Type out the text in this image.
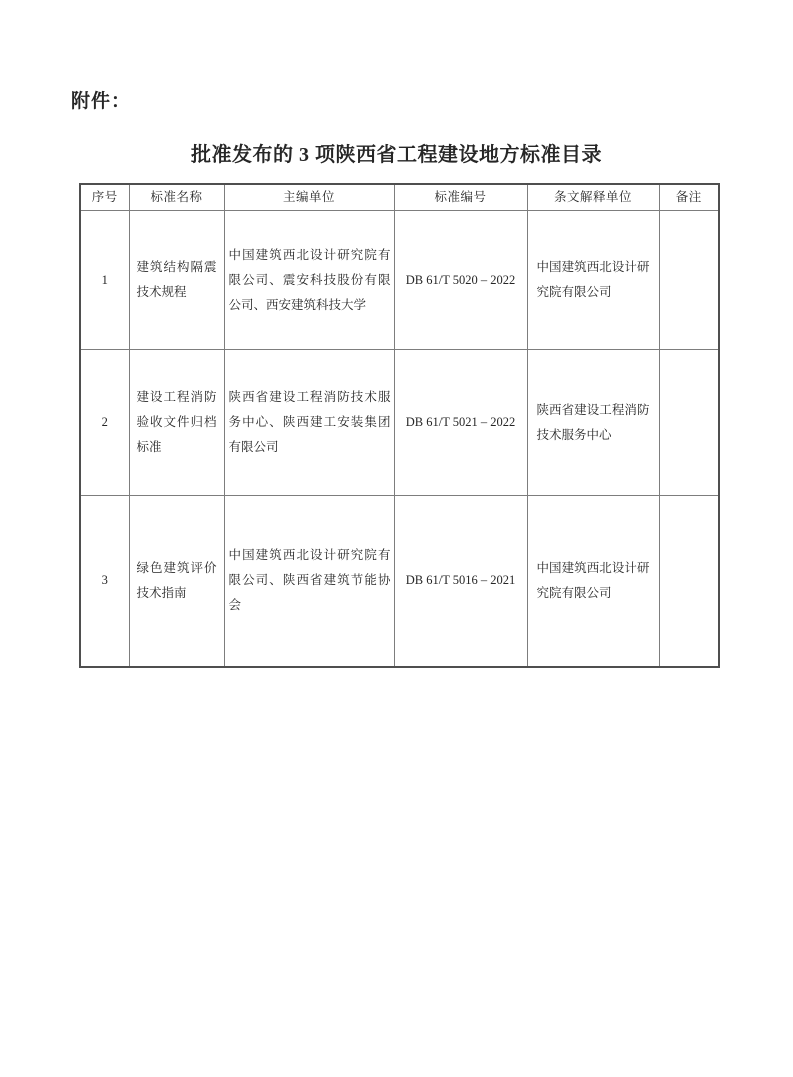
附件：
批准发布的 3 项陕西省工程建设地方标准目录
序号	标准名称	主编单位	标准编号	条文解释单位	备注
1	建筑结构隔震技术规程	中国建筑西北设计研究院有限公司、震安科技股份有限公司、西安建筑科技大学	DB 61/T 5020 – 2022	中国建筑西北设计研究院有限公司	
2	建设工程消防验收文件归档标准	陕西省建设工程消防技术服务中心、陕西建工安装集团有限公司	DB 61/T 5021 – 2022	陕西省建设工程消防技术服务中心	
3	绿色建筑评价技术指南	中国建筑西北设计研究院有限公司、陕西省建筑节能协会	DB 61/T 5016 – 2021	中国建筑西北设计研究院有限公司	
